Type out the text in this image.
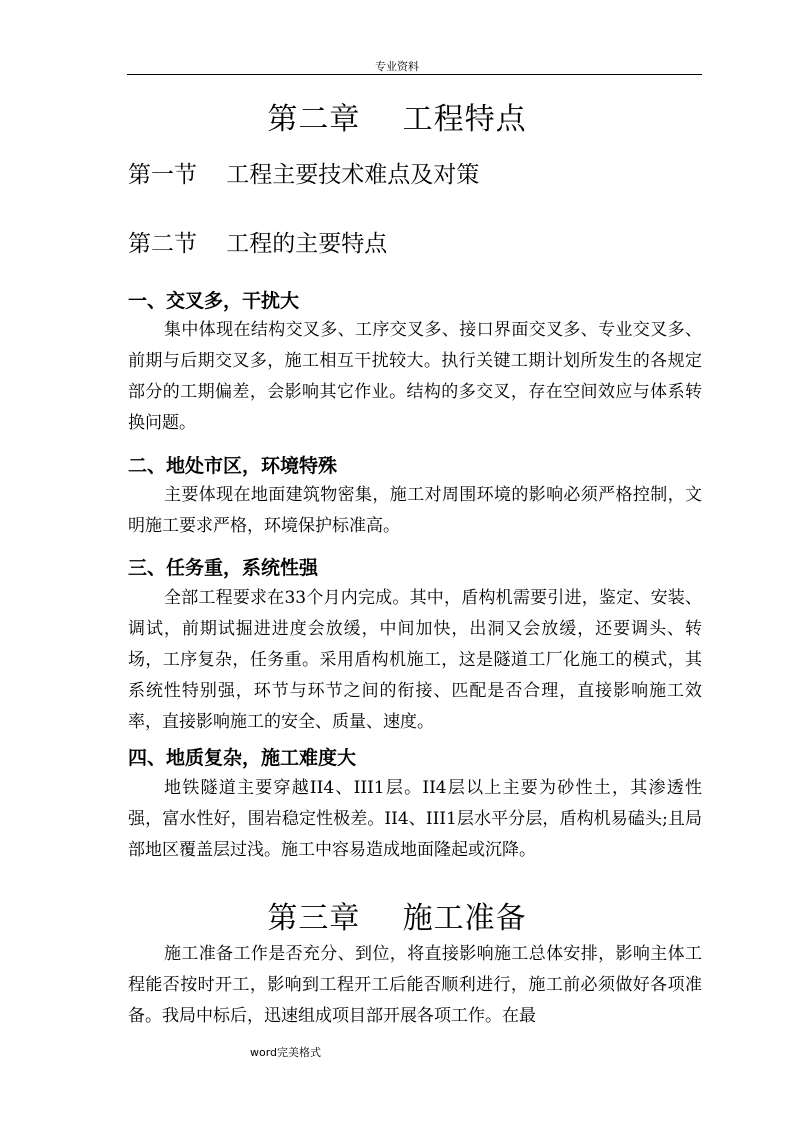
专业资料
第二章    工程特点
第一节    工程主要技术难点及对策
第二节    工程的主要特点
一、交叉多，干扰大

集中体现在结构交叉多、工序交叉多、接口界面交叉多、专业交叉多、前期与后期交叉多，施工相互干扰较大。执行关键工期计划所发生的各规定部分的工期偏差，会影响其它作业。结构的多交叉，存在空间效应与体系转换问题。

二、地处市区，环境特殊

主要体现在地面建筑物密集，施工对周围环境的影响必须严格控制，文明施工要求严格，环境保护标准高。

三、任务重，系统性强

全部工程要求在33个月内完成。其中，盾构机需要引进，鉴定、安装、调试，前期试掘进进度会放缓，中间加快，出洞又会放缓，还要调头、转场，工序复杂，任务重。采用盾构机施工，这是隧道工厂化施工的模式，其系统性特别强，环节与环节之间的衔接、匹配是否合理，直接影响施工效率，直接影响施工的安全、质量、速度。

四、地质复杂，施工难度大

地铁隧道主要穿越II4、III1层。II4层以上主要为砂性土，其渗透性强，富水性好，围岩稳定性极差。II4、III1层水平分层，盾构机易磕头;且局部地区覆盖层过浅。施工中容易造成地面隆起或沉降。

第三章    施工准备

施工准备工作是否充分、到位，将直接影响施工总体安排，影响主体工程能否按时开工，影响到工程开工后能否顺利进行，施工前必须做好各项准备。我局中标后，迅速组成项目部开展各项工作。在最

word完美格式
